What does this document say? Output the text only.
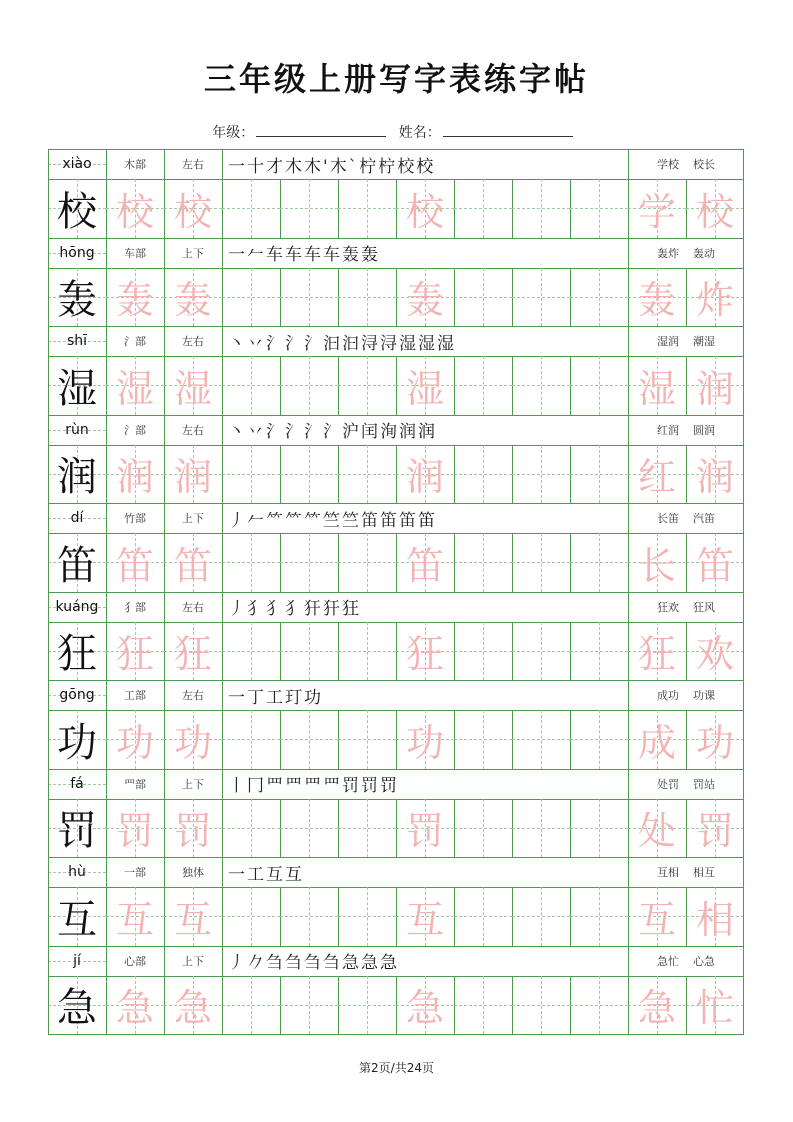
三年级上册写字表练字帖
年级：	姓名：
xiào	木部	左右	一 十 才 木 木' 木ˋ 柠 柠 校 校	学校 校长
校 校 校	校	学 校
hōng	车部	上下	一 𠂉 车 车 车 车 轰 轰	轰炸 轰动
轰 轰 轰	轰	轰 炸
shī	氵部	左右	丶 丷 氵 氵 氵 汩 汩 浔 浔 湿 湿 湿	湿润 潮湿
湿 湿 湿	湿	湿 润
rùn	氵部	左右	丶 丷 氵 氵 氵 氵 沪 闰 洵 润 润	红润 圆润
润 润 润	润	红 润
dí	竹部	上下	丿 𠂉 ⺮ ⺮ ⺮ 竺 竺 笛 笛 笛 笛	长笛 汽笛
笛 笛 笛	笛	长 笛
kuáng	犭部	左右	丿 犭 犭 犭 犴 犴 狂	狂欢 狂风
狂 狂 狂	狂	狂 欢
gōng	工部	左右	一 丁 工 玎 功	成功 功课
功 功 功	功	成 功
fá	罒部	上下	丨 冂 罒 罒 罒 罒 罚 罚 罚	处罚 罚站
罚 罚 罚	罚	处 罚
hù	一部	独体	一 工 互 互	互相 相互
互 互 互	互	互 相
jí	心部	上下	丿 𠂊 刍 刍 刍 刍 急 急 急	急忙 心急
急 急 急	急	急 忙
第2页/共24页
